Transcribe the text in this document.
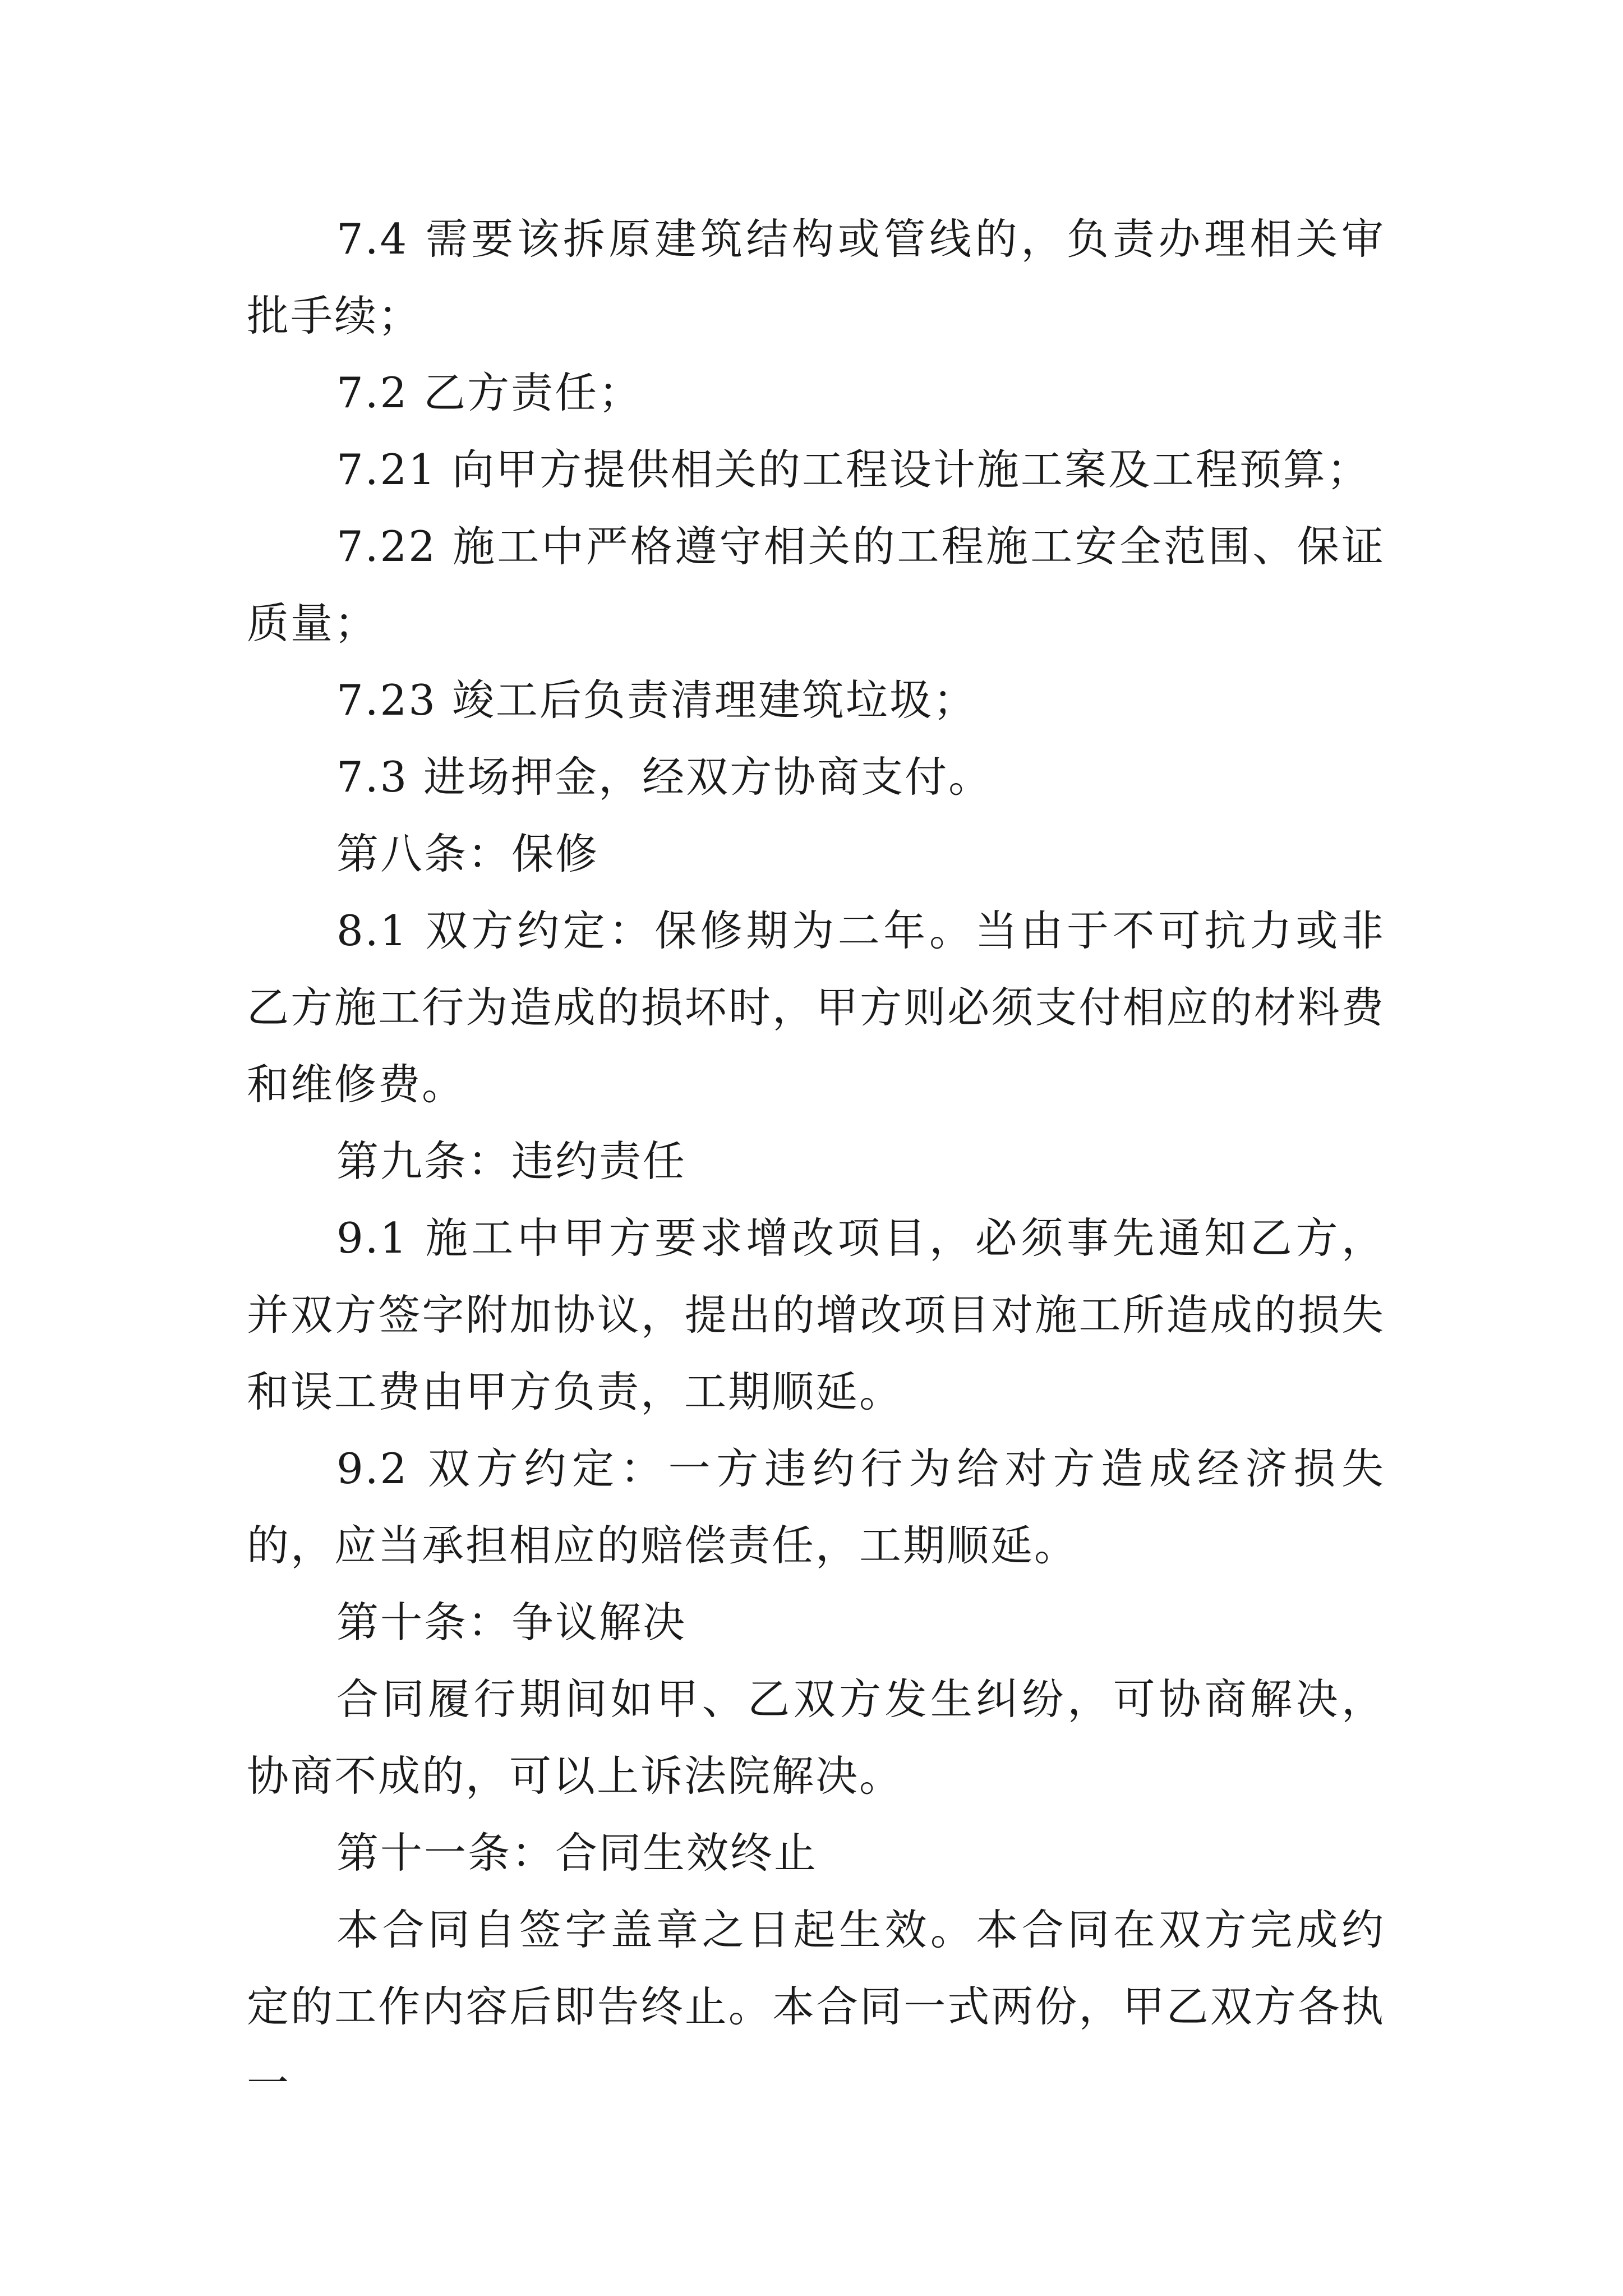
7.4 需要该拆原建筑结构或管线的，负责办理相关审批手续；

7.2 乙方责任；

7.21 向甲方提供相关的工程设计施工案及工程预算；

7.22 施工中严格遵守相关的工程施工安全范围、保证质量；

7.23 竣工后负责清理建筑垃圾；

7.3 进场押金，经双方协商支付。

第八条：保修

8.1 双方约定：保修期为二年。当由于不可抗力或非乙方施工行为造成的损坏时，甲方则必须支付相应的材料费和维修费。

第九条：违约责任

9.1 施工中甲方要求增改项目，必须事先通知乙方，并双方签字附加协议，提出的增改项目对施工所造成的损失和误工费由甲方负责，工期顺延。

9.2 双方约定：一方违约行为给对方造成经济损失的，应当承担相应的赔偿责任，工期顺延。

第十条：争议解决

合同履行期间如甲、乙双方发生纠纷，可协商解决，协商不成的，可以上诉法院解决。

第十一条：合同生效终止

本合同自签字盖章之日起生效。本合同在双方完成约定的工作内容后即告终止。本合同一式两份，甲乙双方各执一
